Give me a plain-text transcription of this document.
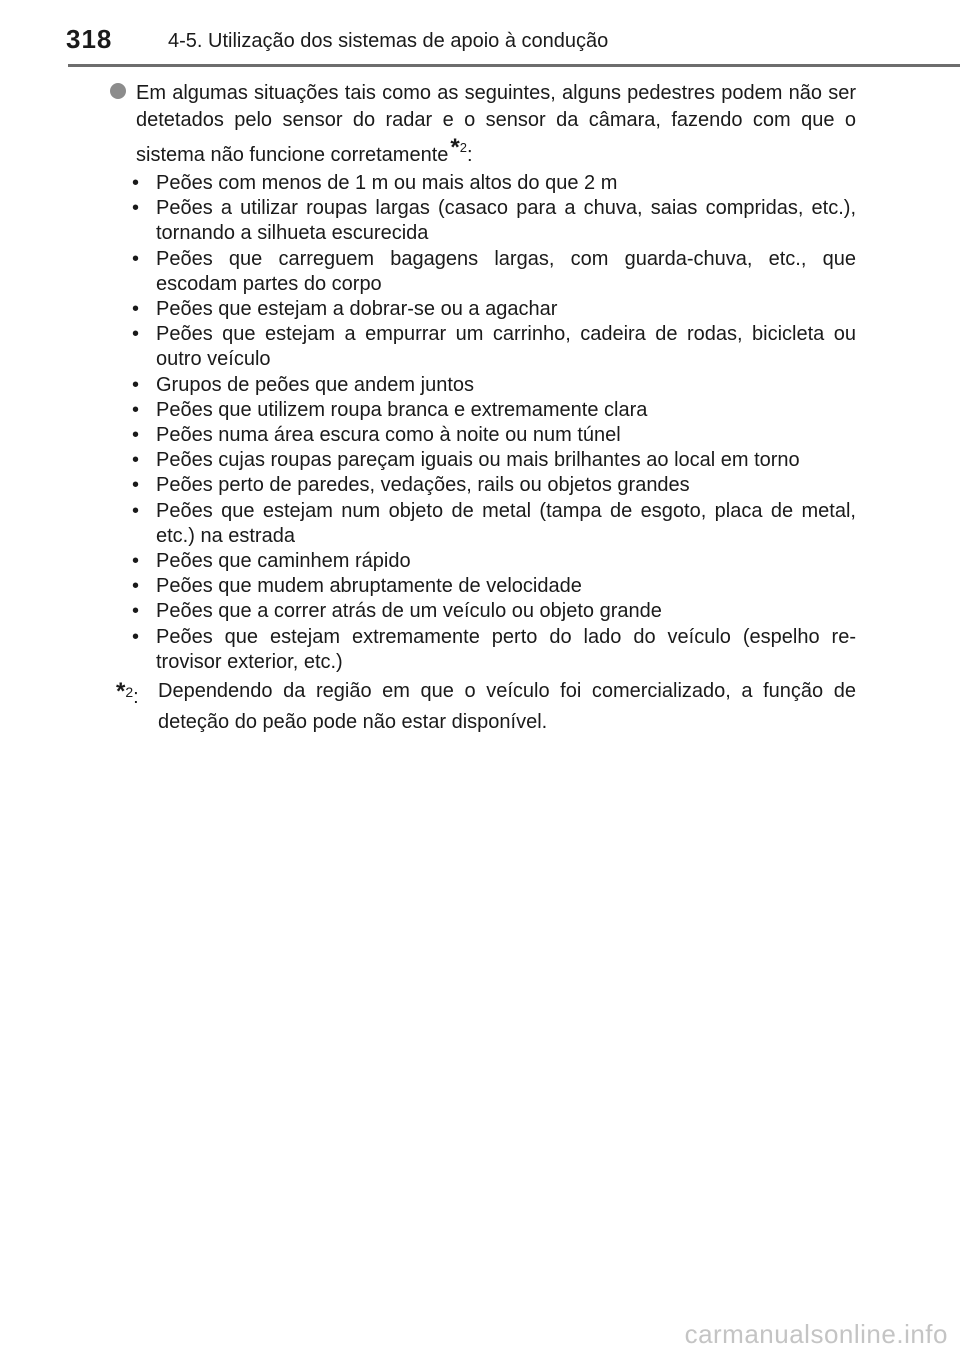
318	4-5. Utilização dos sistemas de apoio à condução
Em algumas situações tais como as seguintes, alguns pedestres podem não ser detetados pelo sensor do radar e o sensor da câmara, fazendo com que o sistema não funcione corretamente*$^2$:
• Peões com menos de 1 m ou mais altos do que 2 m
• Peões a utilizar roupas largas (casaco para a chuva, saias compridas, etc.), tornando a silhueta escurecida
• Peões que carreguem bagagens largas, com guarda-chuva, etc., que escodam partes do corpo
• Peões que estejam a dobrar-se ou a agachar
• Peões que estejam a empurrar um carrinho, cadeira de rodas, bicicleta ou outro veículo
• Grupos de peões que andem juntos
• Peões que utilizem roupa branca e extremamente clara
• Peões numa área escura como à noite ou num túnel
• Peões cujas roupas pareçam iguais ou mais brilhantes ao local em torno
• Peões perto de paredes, vedações, rails ou objetos grandes
• Peões que estejam num objeto de metal (tampa de esgoto, placa de metal, etc.) na estrada
• Peões que caminhem rápido
• Peões que mudem abruptamente de velocidade
• Peões que a correr atrás de um veículo ou objeto grande
• Peões que estejam extremamente perto do lado do veículo (espelho re-trovisor exterior, etc.)
*$^2$: Dependendo da região em que o veículo foi comercializado, a função de deteção do peão pode não estar disponível.
carmanualsonline.info
